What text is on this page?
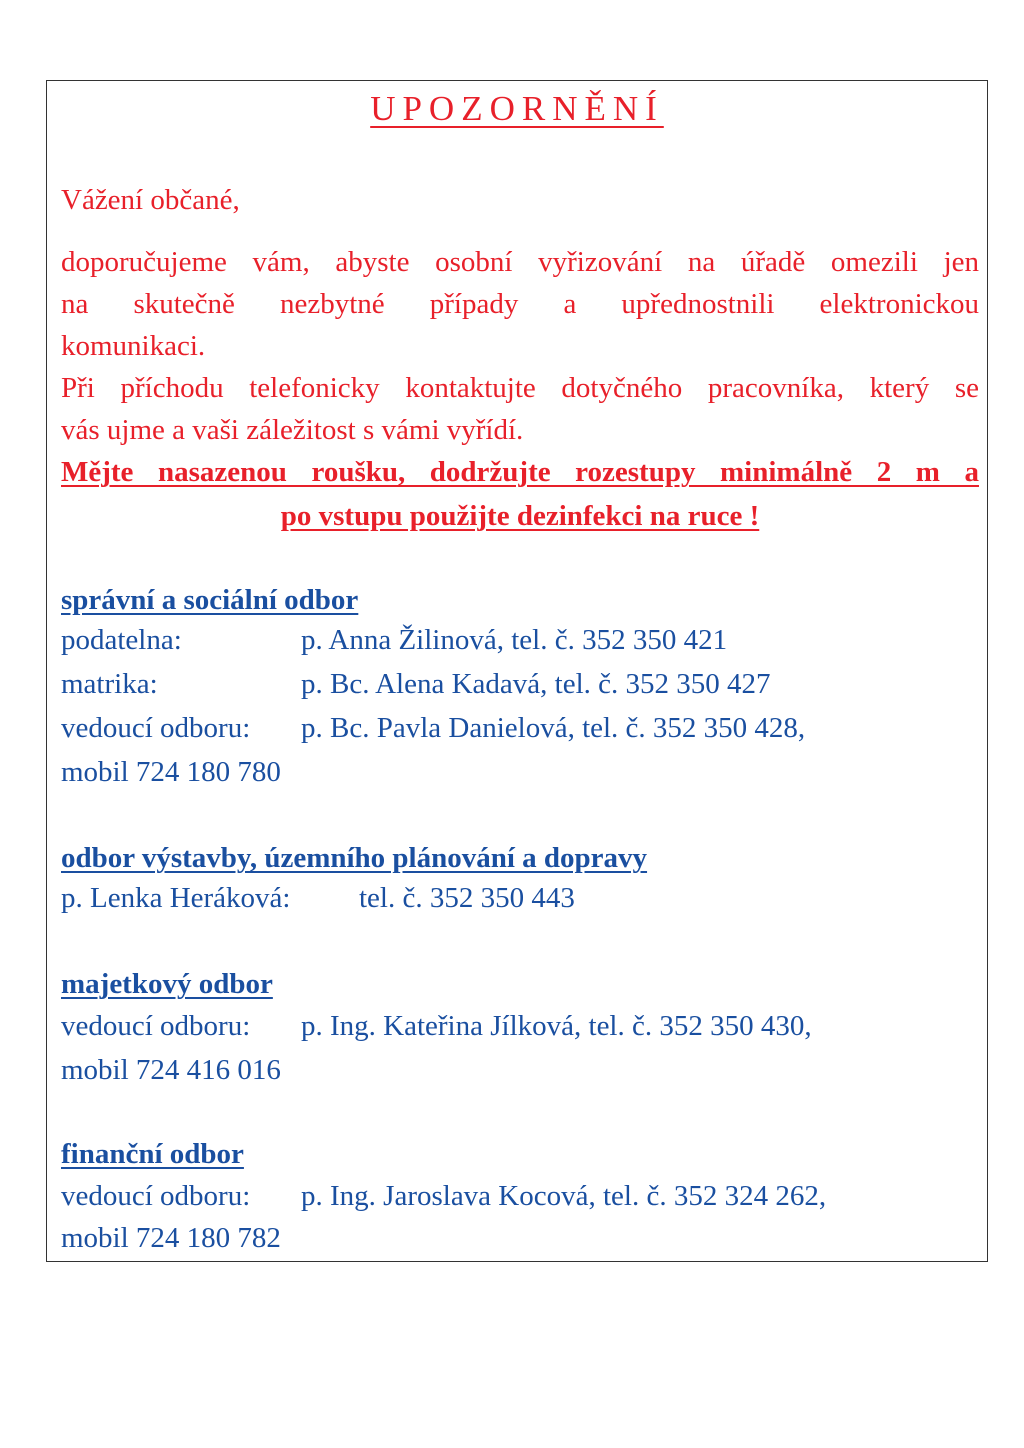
UPOZORNĚNÍ
Vážení občané,
doporučujeme vám, abyste osobní vyřizování na úřadě omezili jen
na skutečně nezbytné případy a upřednostnili elektronickou
komunikaci.
Při příchodu telefonicky kontaktujte dotyčného pracovníka, který se
vás ujme a vaši záležitost s vámi vyřídí.
Mějte nasazenou roušku, dodržujte rozestupy minimálně 2 m a
po vstupu použijte dezinfekci na ruce !
správní a sociální odbor
podatelna:	p. Anna Žilinová, tel. č. 352 350 421
matrika:	p. Bc. Alena Kadavá, tel. č. 352 350 427
vedoucí odboru: p. Bc. Pavla Danielová, tel. č. 352 350 428,
mobil 724 180 780
odbor výstavby, územního plánování a dopravy
p. Lenka Heráková: tel. č. 352 350 443
majetkový odbor
vedoucí odboru: p. Ing. Kateřina Jílková, tel. č. 352 350 430,
mobil 724 416 016
finanční odbor
vedoucí odboru: p. Ing. Jaroslava Kocová, tel. č. 352 324 262,
mobil 724 180 782
